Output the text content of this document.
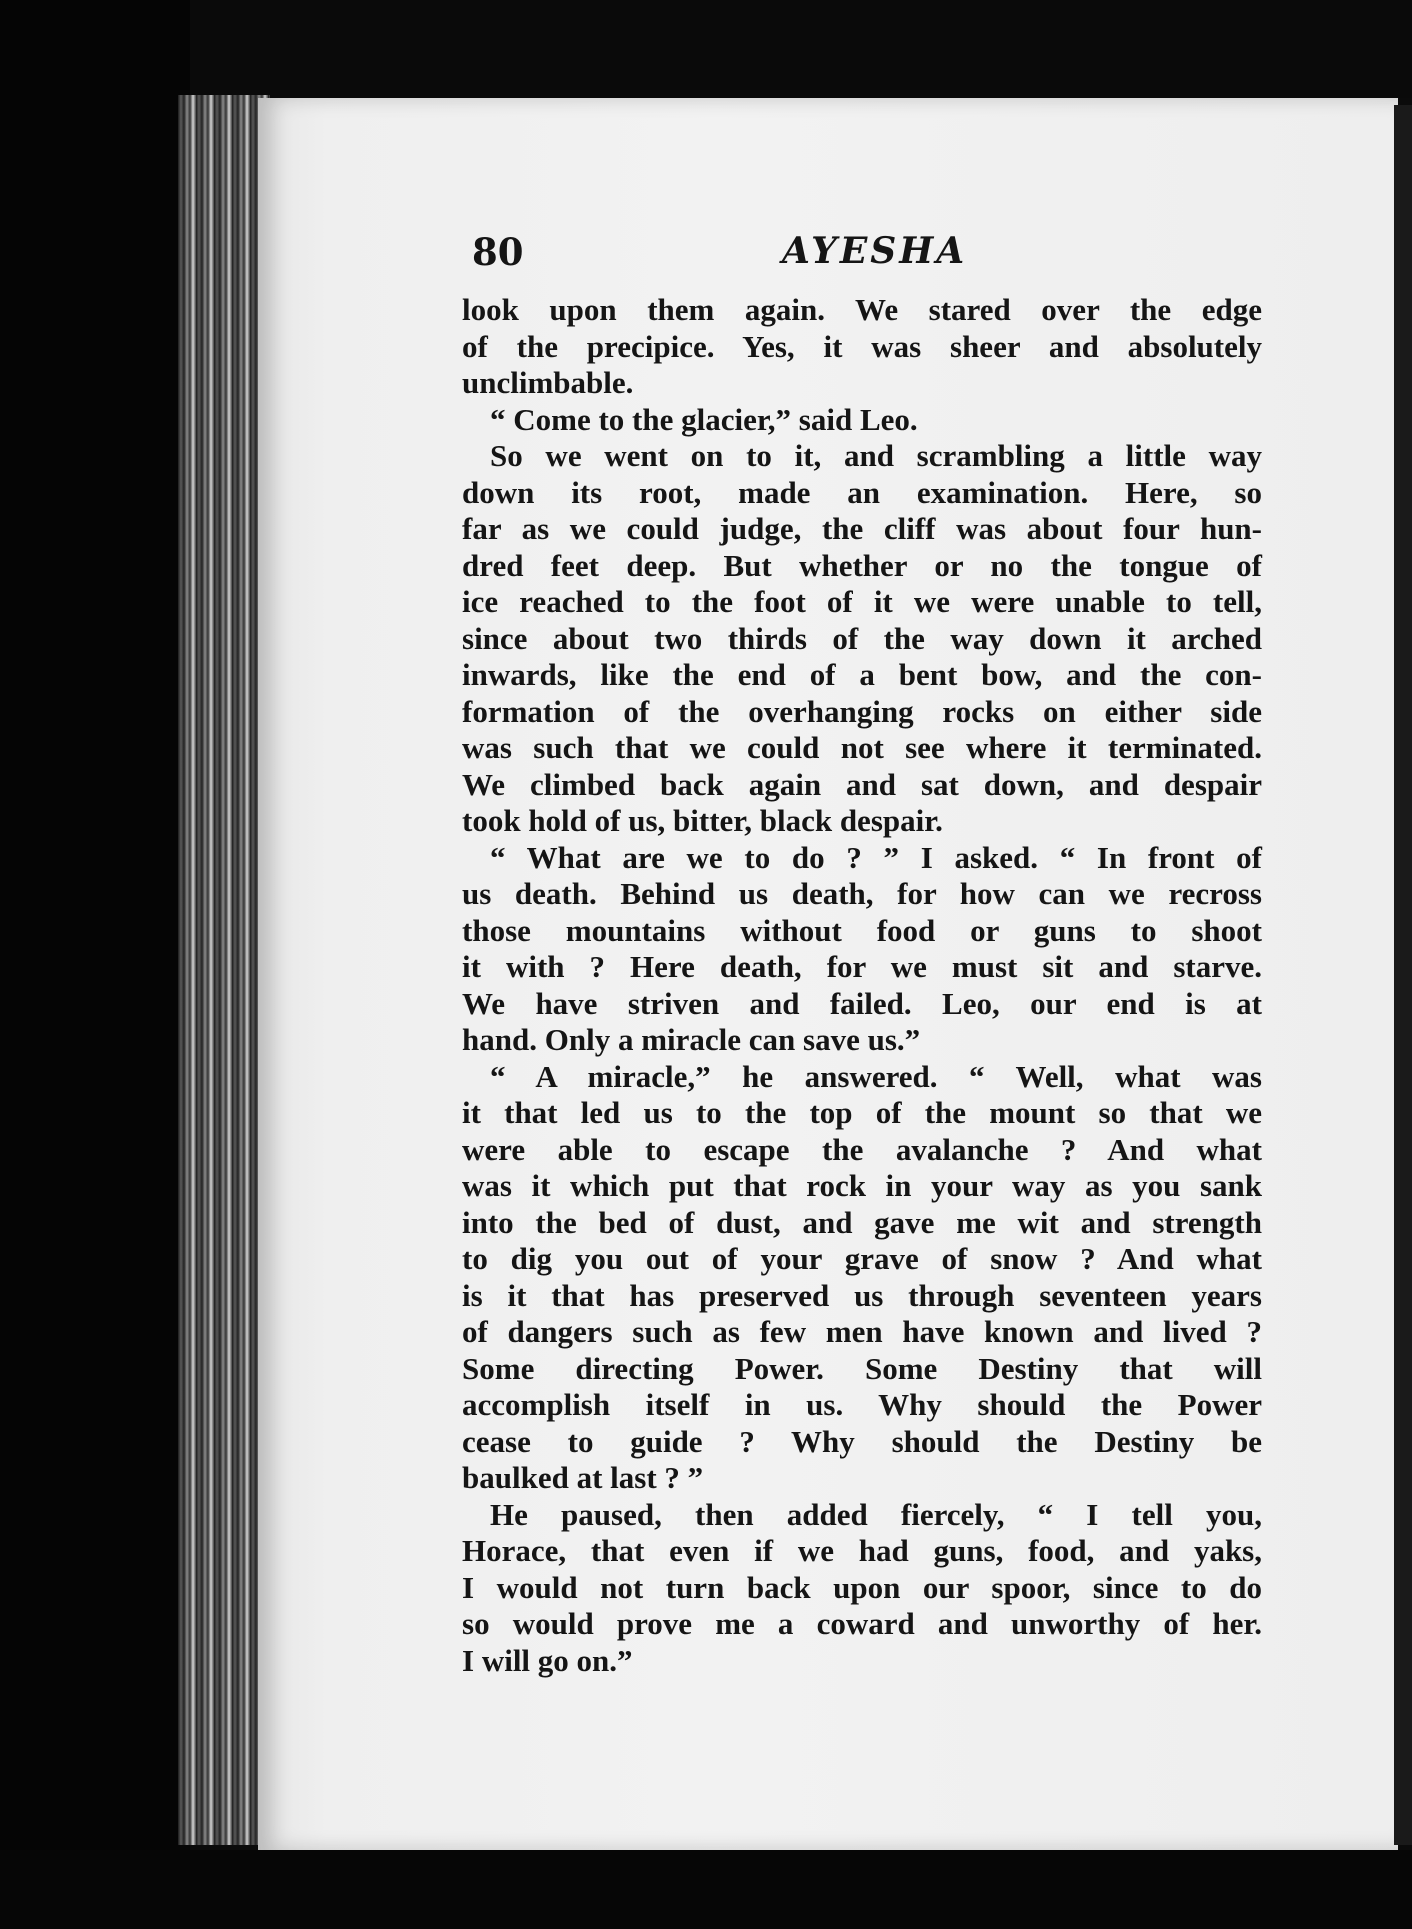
80	AYESHA
look upon them again. We stared over the edge
of the precipice. Yes, it was sheer and absolutely
unclimbable.
“ Come to the glacier,” said Leo.
So we went on to it, and scrambling a little way
down its root, made an examination. Here, so
far as we could judge, the cliff was about four hun-
dred feet deep. But whether or no the tongue of
ice reached to the foot of it we were unable to tell,
since about two thirds of the way down it arched
inwards, like the end of a bent bow, and the con-
formation of the overhanging rocks on either side
was such that we could not see where it terminated.
We climbed back again and sat down, and despair
took hold of us, bitter, black despair.
“ What are we to do ? ” I asked. “ In front of
us death. Behind us death, for how can we recross
those mountains without food or guns to shoot
it with ? Here death, for we must sit and starve.
We have striven and failed. Leo, our end is at
hand. Only a miracle can save us.”
“ A miracle,” he answered. “ Well, what was
it that led us to the top of the mount so that we
were able to escape the avalanche ? And what
was it which put that rock in your way as you sank
into the bed of dust, and gave me wit and strength
to dig you out of your grave of snow ? And what
is it that has preserved us through seventeen years
of dangers such as few men have known and lived ?
Some directing Power. Some Destiny that will
accomplish itself in us. Why should the Power
cease to guide ? Why should the Destiny be
baulked at last ? ”
He paused, then added fiercely, “ I tell you,
Horace, that even if we had guns, food, and yaks,
I would not turn back upon our spoor, since to do
so would prove me a coward and unworthy of her.
I will go on.”
